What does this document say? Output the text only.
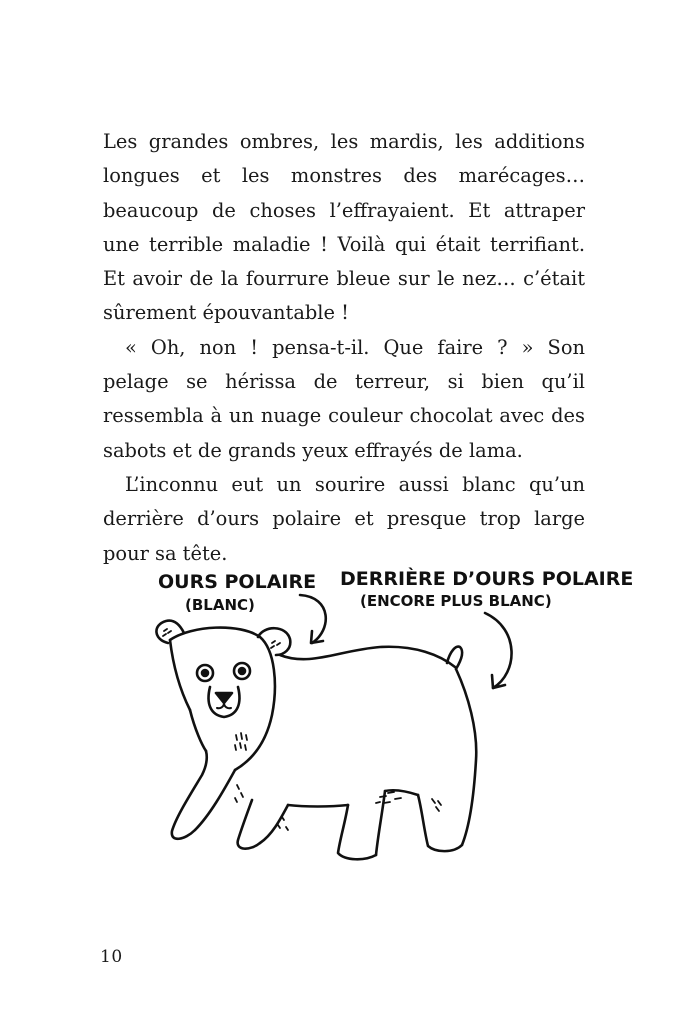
Les grandes ombres, les mardis, les additions longues et les monstres des marécages… beaucoup de choses l’effrayaient. Et attraper une terrible maladie ! Voilà qui était terrifiant. Et avoir de la fourrure bleue sur le nez… c’était sûrement épouvantable !

« Oh, non ! pensa-t-il. Que faire ? » Son pelage se hérissa de terreur, si bien qu’il ressembla à un nuage couleur chocolat avec des sabots et de grands yeux effrayés de lama.

L’inconnu eut un sourire aussi blanc qu’un derrière d’ours polaire et presque trop large pour sa tête.

OURS POLAIRE
(BLANC)
DERRIÈRE D’OURS POLAIRE
(ENCORE PLUS BLANC)
10
